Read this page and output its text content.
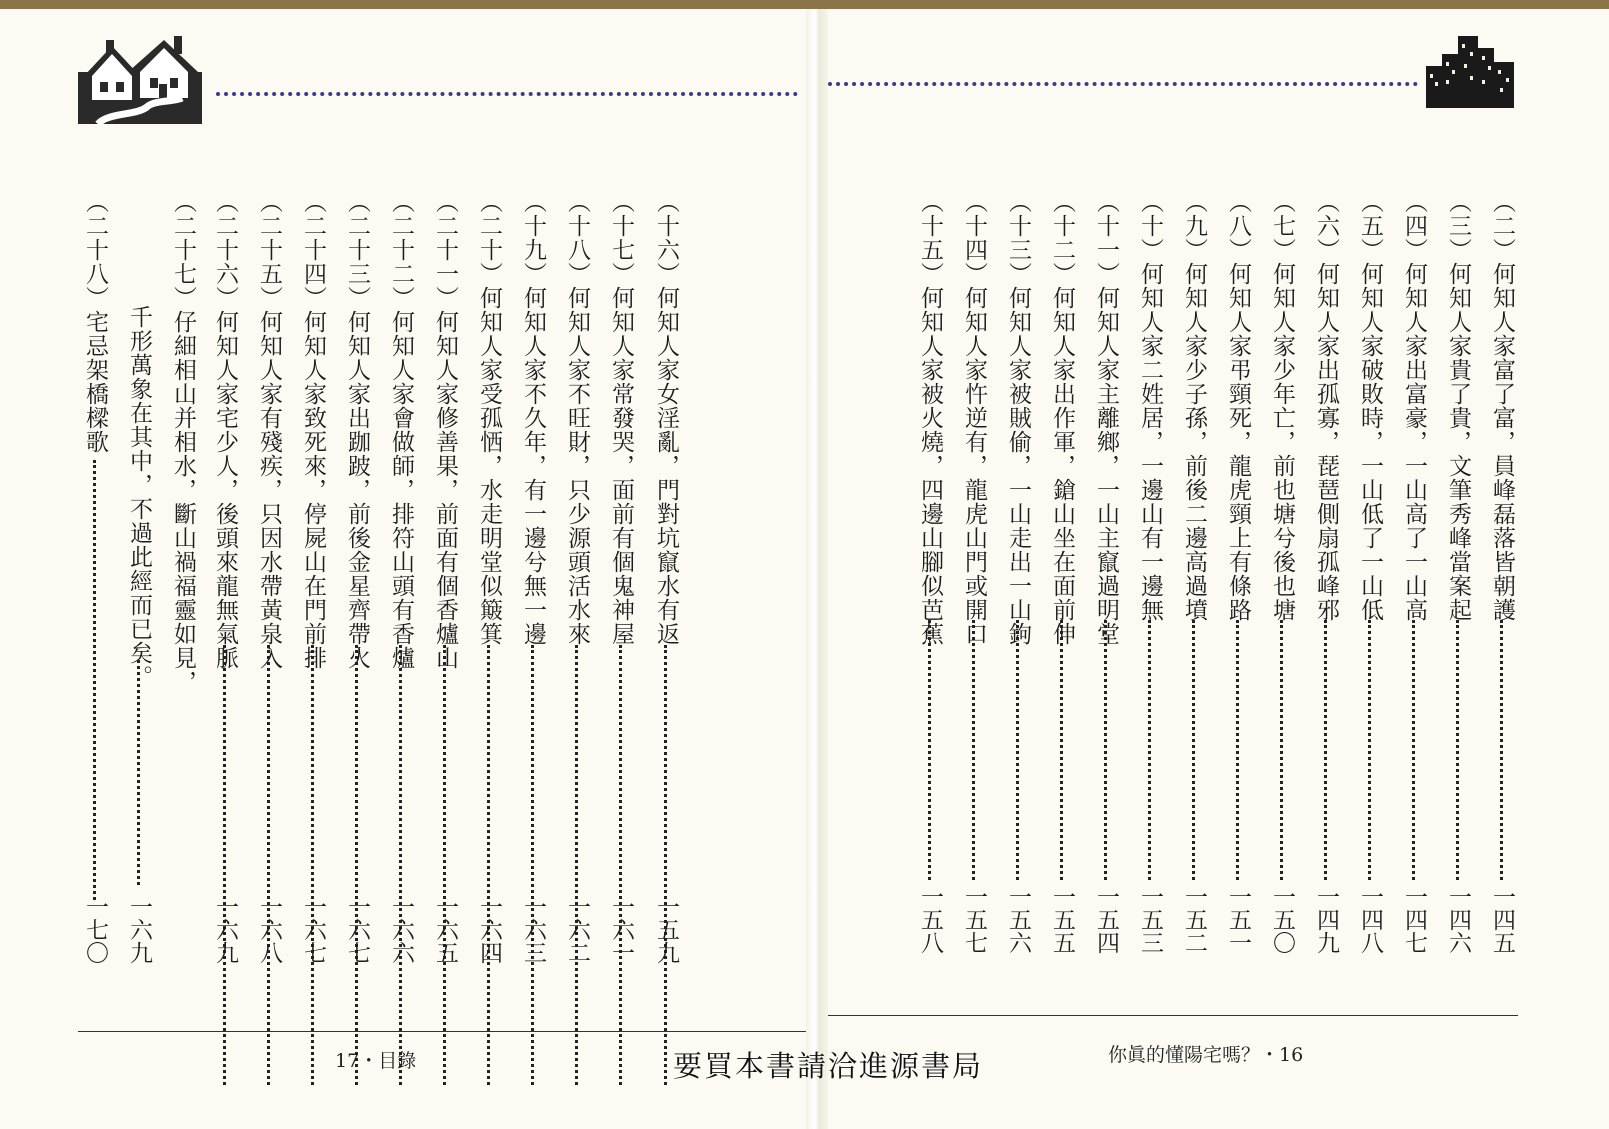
（十六）何知人家女淫亂，門對坑竄水有返
一五九
（十七）何知人家常發哭，面前有個鬼神屋
一六一
（十八）何知人家不旺財，只少源頭活水來
一六二
（十九）何知人家不久年，有一邊兮無一邊
一六三
（二十）何知人家受孤恓，水走明堂似簸箕
一六四
（二十一）何知人家修善果，前面有個香爐山
一六五
（二十二）何知人家會做師，排符山頭有香爐
一六六
（二十三）何知人家出跏跛，前後金星齊帶火
一六七
（二十四）何知人家致死來，停屍山在門前排
一六七
（二十五）何知人家有殘疾，只因水帶黃泉入
一六八
（二十六）何知人家宅少人，後頭來龍無氣脈
一六九
（二十七）仔細相山并相水，斷山禍福靈如見，
千形萬象在其中，不過此經而已矣。
一六九
（二十八）宅忌架橋樑歌
一七〇
（二）何知人家富了富，員峰磊落皆朝護
一四五
（三）何知人家貴了貴，文筆秀峰當案起
一四六
（四）何知人家出富豪，一山高了一山高
一四七
（五）何知人家破敗時，一山低了一山低
一四八
（六）何知人家出孤寡，琵琶側扇孤峰邪
一四九
（七）何知人家少年亡，前也塘兮後也塘
一五〇
（八）何知人家弔頸死，龍虎頸上有條路
一五一
（九）何知人家少子孫，前後二邊高過墳
一五二
（十）何知人家二姓居，一邊山有一邊無
一五三
（十一）何知人家主離鄉，一山主竄過明堂
一五四
（十二）何知人家出作軍，鎗山坐在面前伸
一五五
（十三）何知人家被賊偷，一山走出一山鉤
一五六
（十四）何知人家忤逆有，龍虎山門或開口
一五七
（十五）何知人家被火燒，四邊山腳似芭蕉
一五八
17・目錄	你眞的懂陽宅嗎？・16
要買本書請洽進源書局
